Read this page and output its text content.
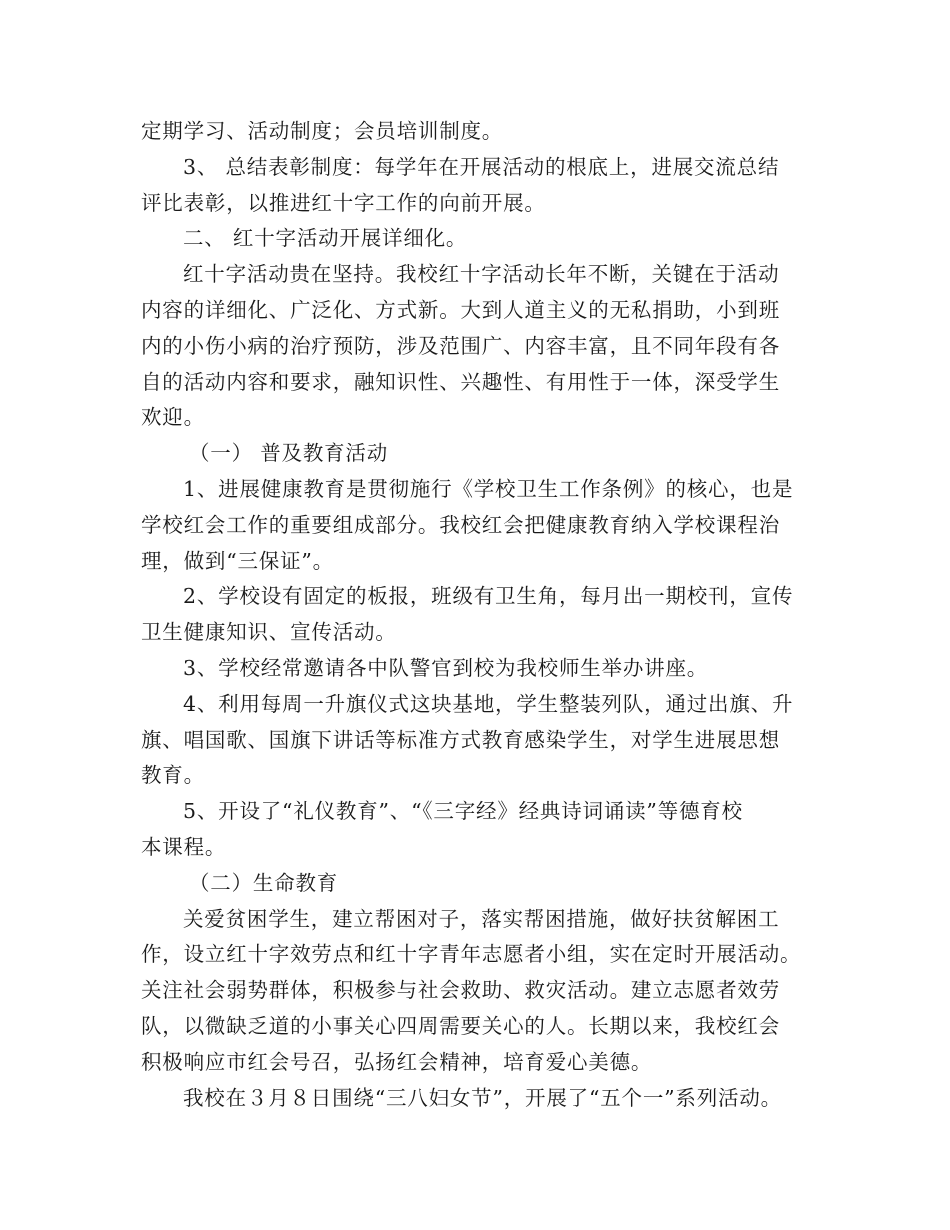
定期学习、活动制度；会员培训制度。
3、 总结表彰制度：每学年在开展活动的根底上，进展交流总结
评比表彰，以推进红十字工作的向前开展。
二、 红十字活动开展详细化。
红十字活动贵在坚持。我校红十字活动长年不断，关键在于活动
内容的详细化、广泛化、方式新。大到人道主义的无私捐助，小到班
内的小伤小病的治疗预防，涉及范围广、内容丰富，且不同年段有各
自的活动内容和要求，融知识性、兴趣性、有用性于一体，深受学生
欢迎。
（一） 普及教育活动
1、进展健康教育是贯彻施行《学校卫生工作条例》的核心，也是
学校红会工作的重要组成部分。我校红会把健康教育纳入学校课程治
理，做到“三保证”。
2、学校设有固定的板报，班级有卫生角，每月出一期校刊，宣传
卫生健康知识、宣传活动。
3、学校经常邀请各中队警官到校为我校师生举办讲座。
4、利用每周一升旗仪式这块基地，学生整装列队，通过出旗、升
旗、唱国歌、国旗下讲话等标准方式教育感染学生，对学生进展思想
教育。
5、开设了“礼仪教育”、“《三字经》经典诗词诵读”等德育校
本课程。
（二）生命教育
关爱贫困学生，建立帮困对子，落实帮困措施，做好扶贫解困工
作，设立红十字效劳点和红十字青年志愿者小组，实在定时开展活动。
关注社会弱势群体，积极参与社会救助、救灾活动。建立志愿者效劳
队，以微缺乏道的小事关心四周需要关心的人。长期以来，我校红会
积极响应市红会号召，弘扬红会精神，培育爱心美德。
我校在３月８日围绕“三八妇女节”，开展了“五个一”系列活动。
